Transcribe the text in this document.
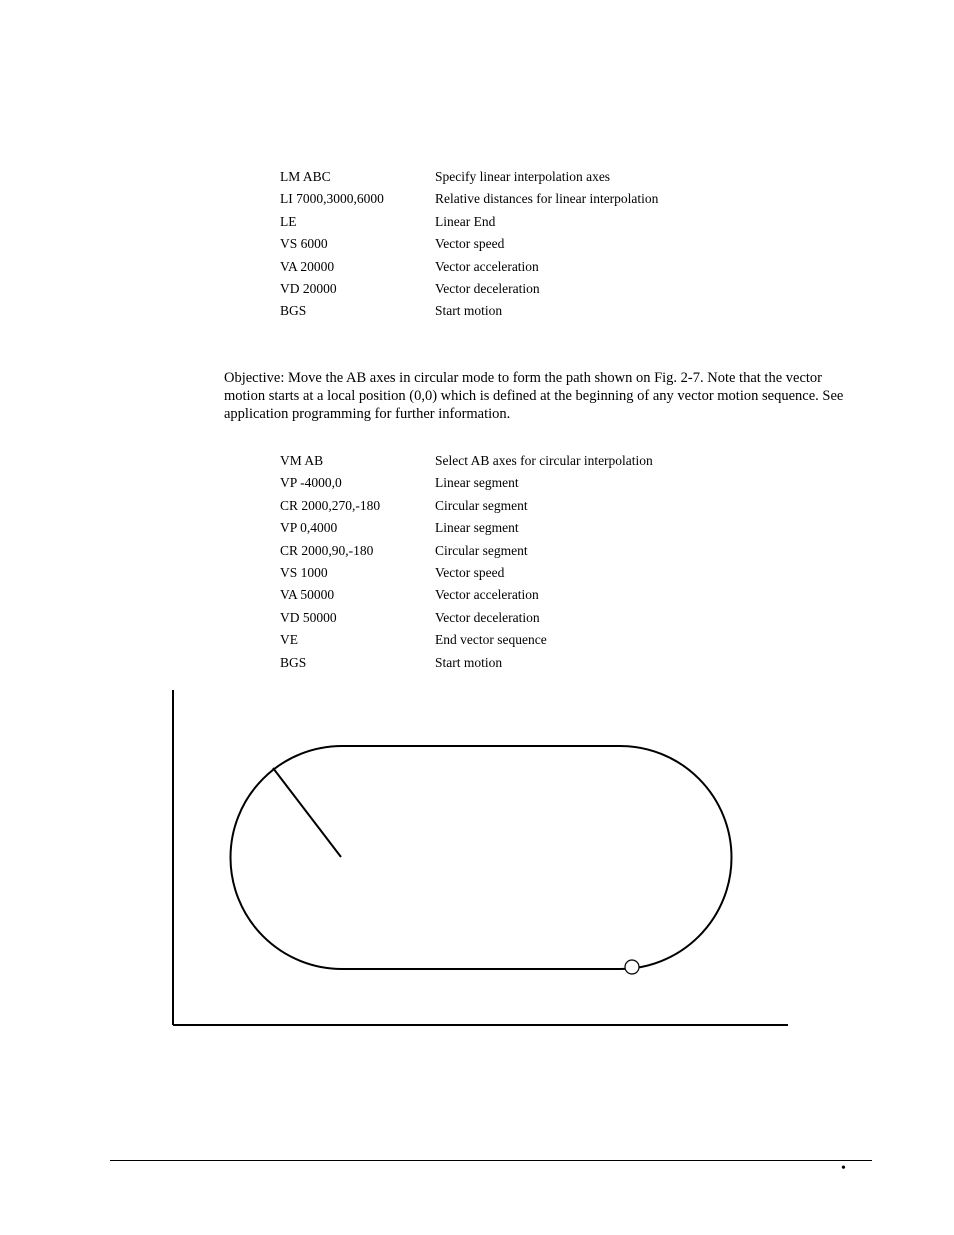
LM ABC	Specify linear interpolation axes
LI 7000,3000,6000	Relative distances for linear interpolation
LE	Linear End
VS 6000	Vector speed
VA 20000	Vector acceleration
VD 20000	Vector deceleration
BGS	Start motion

Objective: Move the AB axes in circular mode to form the path shown on Fig. 2-7. Note that the vector motion starts at a local position (0,0) which is defined at the beginning of any vector motion sequence. See application programming for further information.

VM AB	Select AB axes for circular interpolation
VP -4000,0	Linear segment
CR 2000,270,-180	Circular segment
VP 0,4000	Linear segment
CR 2000,90,-180	Circular segment
VS 1000	Vector speed
VA 50000	Vector acceleration
VD 50000	Vector deceleration
VE	End vector sequence
BGS	Start motion
•
